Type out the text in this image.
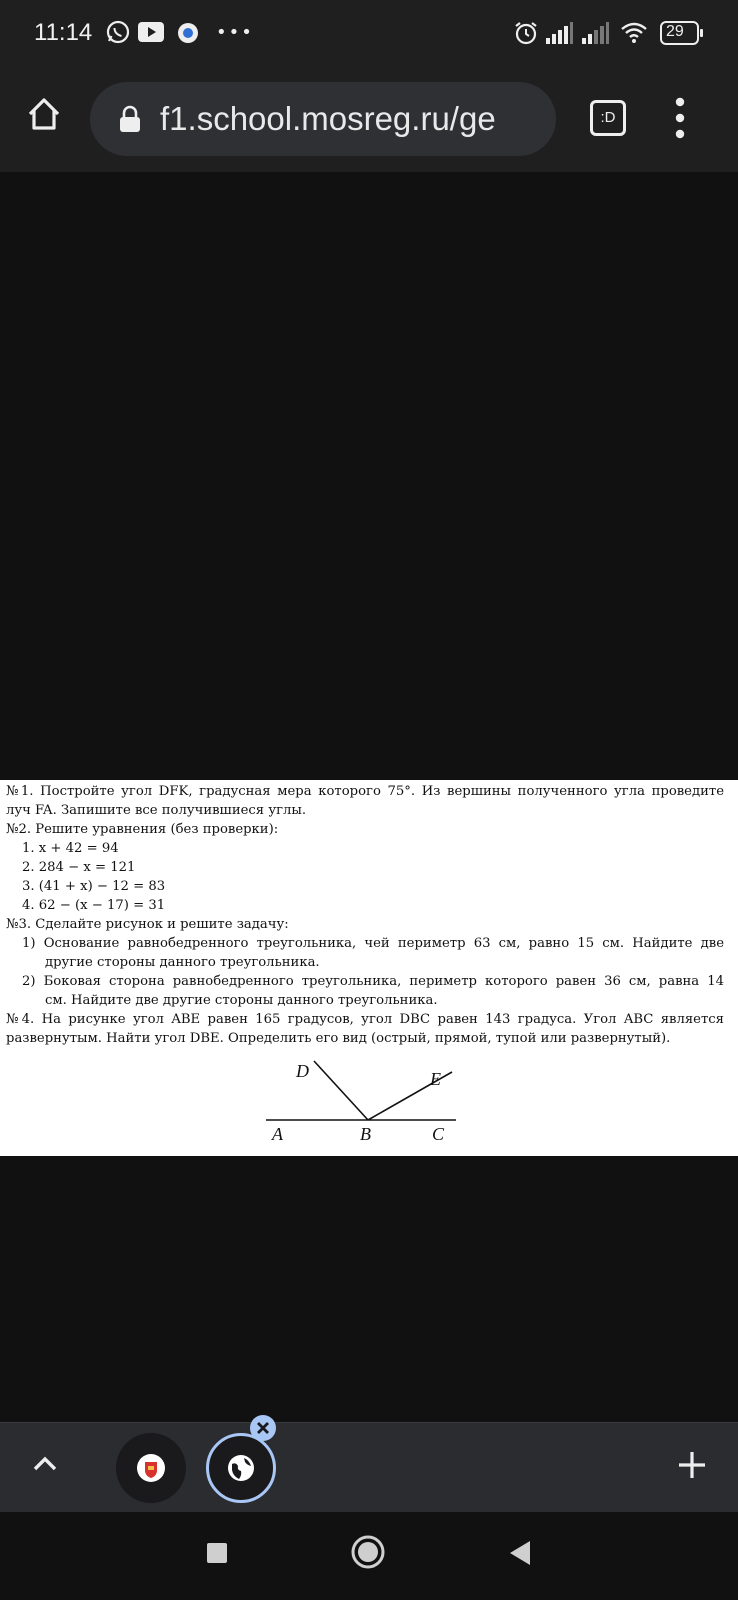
11:14	•••	29
f1.school.mosreg.ru/ge	:D
№1. Постройте угол DFK, градусная мера которого 75°. Из вершины полученного угла проведите
луч FA. Запишите все получившиеся углы.
№2. Решите уравнения (без проверки):
1. x + 42 = 94
2. 284 − x = 121
3. (41 + x) − 12 = 83
4. 62 − (x − 17) = 31
№3. Сделайте рисунок и решите задачу:
1) Основание равнобедренного треугольника, чей периметр 63 см, равно 15 см. Найдите две
другие стороны данного треугольника.
2) Боковая сторона равнобедренного треугольника, периметр которого равен 36 см, равна 14
см. Найдите две другие стороны данного треугольника.
№4. На рисунке угол ABE равен 165 градусов, угол DBC равен 143 градуса. Угол ABC является
развернутым. Найти угол DBE. Определить его вид (острый, прямой, тупой или развернутый).
D	E
A	B	C
